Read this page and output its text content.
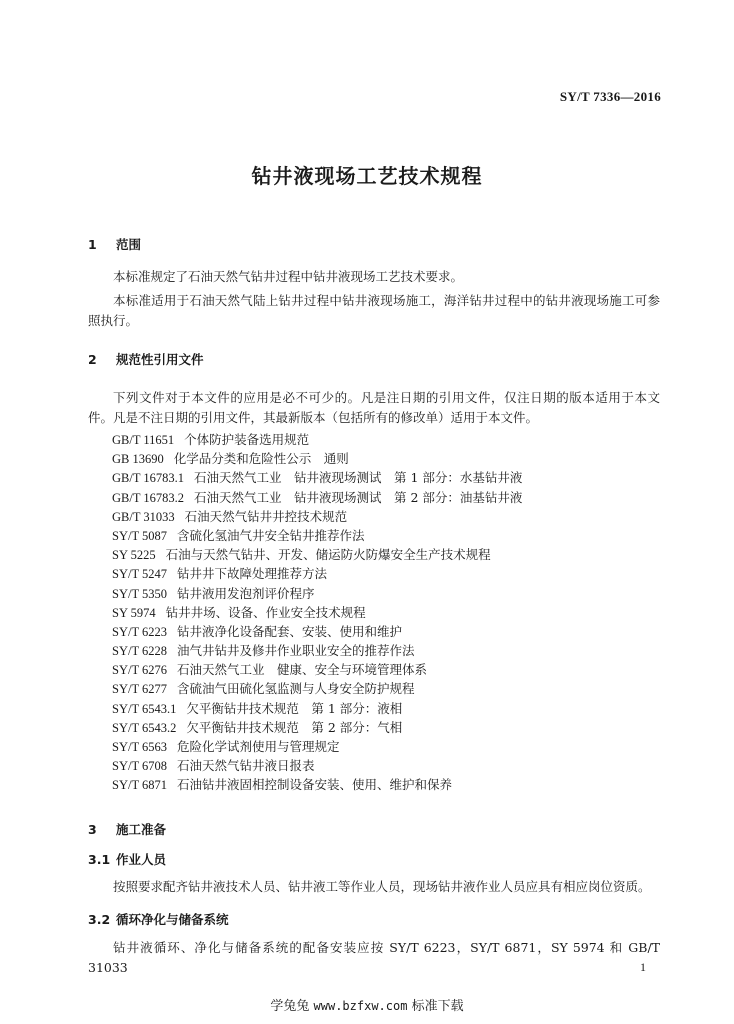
SY/T 7336—2016
钻井液现场工艺技术规程
1 范围
本标准规定了石油天然气钻井过程中钻井液现场工艺技术要求。
本标准适用于石油天然气陆上钻井过程中钻井液现场施工，海洋钻井过程中的钻井液现场施工可参照执行。
2 规范性引用文件
下列文件对于本文件的应用是必不可少的。凡是注日期的引用文件，仅注日期的版本适用于本文件。凡是不注日期的引用文件，其最新版本（包括所有的修改单）适用于本文件。
GB/T 11651 个体防护装备选用规范
GB 13690 化学品分类和危险性公示　通则
GB/T 16783.1 石油天然气工业　钻井液现场测试　第 1 部分：水基钻井液
GB/T 16783.2 石油天然气工业　钻井液现场测试　第 2 部分：油基钻井液
GB/T 31033 石油天然气钻井井控技术规范
SY/T 5087 含硫化氢油气井安全钻井推荐作法
SY 5225 石油与天然气钻井、开发、储运防火防爆安全生产技术规程
SY/T 5247 钻井井下故障处理推荐方法
SY/T 5350 钻井液用发泡剂评价程序
SY 5974 钻井井场、设备、作业安全技术规程
SY/T 6223 钻井液净化设备配套、安装、使用和维护
SY/T 6228 油气井钻井及修井作业职业安全的推荐作法
SY/T 6276 石油天然气工业　健康、安全与环境管理体系
SY/T 6277 含硫油气田硫化氢监测与人身安全防护规程
SY/T 6543.1 欠平衡钻井技术规范　第 1 部分：液相
SY/T 6543.2 欠平衡钻井技术规范　第 2 部分：气相
SY/T 6563 危险化学试剂使用与管理规定
SY/T 6708 石油天然气钻井液日报表
SY/T 6871 石油钻井液固相控制设备安装、使用、维护和保养
3 施工准备
3.1 作业人员
按照要求配齐钻井液技术人员、钻井液工等作业人员，现场钻井液作业人员应具有相应岗位资质。
3.2 循环净化与储备系统
钻井液循环、净化与储备系统的配备安装应按 SY/T 6223，SY/T 6871，SY 5974 和 GB/T 31033	1
学兔兔 www.bzfxw.com 标准下载
